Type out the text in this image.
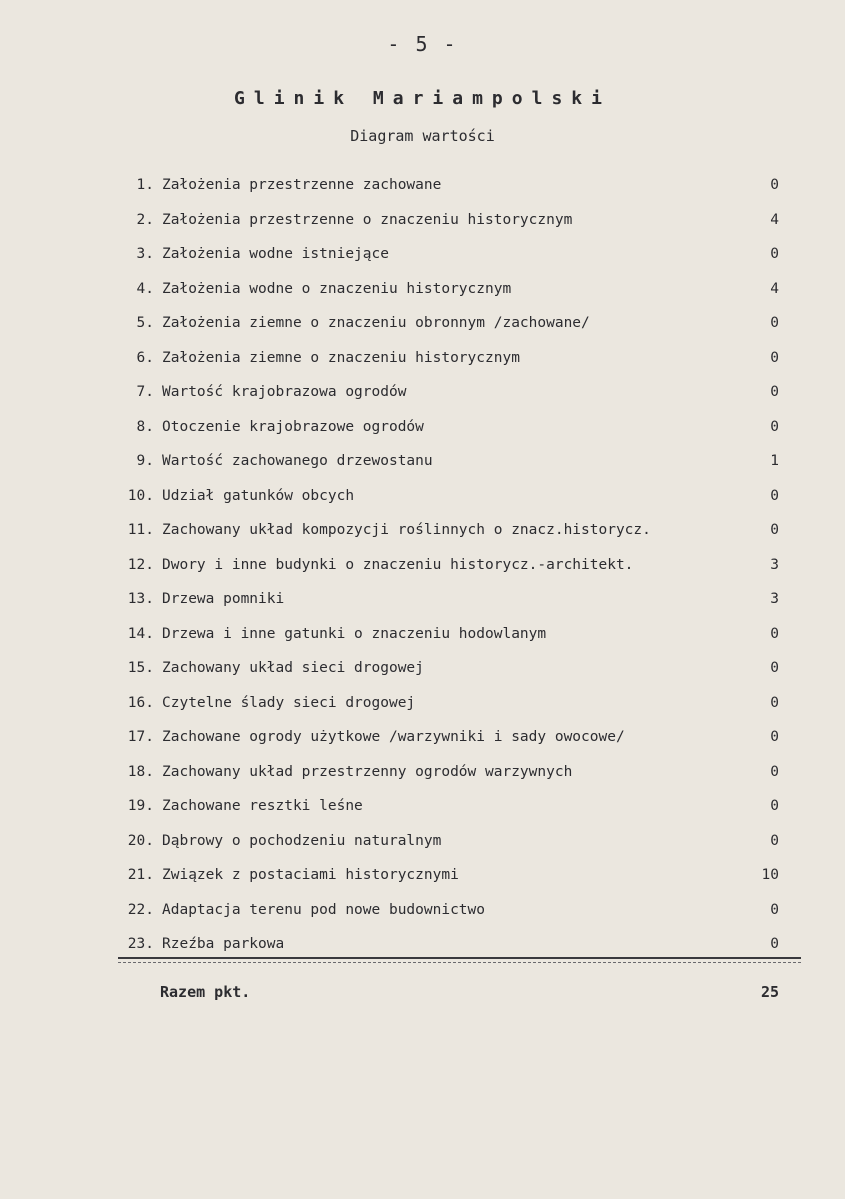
- 5 -
Glinik Mariampolski
Diagram wartości
1. Założenia przestrzenne zachowane	0
2. Założenia przestrzenne o znaczeniu historycznym	4
3. Założenia wodne istniejące	0
4. Założenia wodne o znaczeniu historycznym	4
5. Założenia ziemne o znaczeniu obronnym /zachowane/	0
6. Założenia ziemne o znaczeniu historycznym	0
7. Wartość krajobrazowa ogrodów	0
8. Otoczenie krajobrazowe ogrodów	0
9. Wartość zachowanego drzewostanu	1
10. Udział gatunków obcych	0
11. Zachowany układ kompozycji roślinnych o znacz.historycz.	0
12. Dwory i inne budynki o znaczeniu historycz.-architekt.	3
13. Drzewa pomniki	3
14. Drzewa i inne gatunki o znaczeniu hodowlanym	0
15. Zachowany układ sieci drogowej	0
16. Czytelne ślady sieci drogowej	0
17. Zachowane ogrody użytkowe /warzywniki i sady owocowe/	0
18. Zachowany układ przestrzenny ogrodów warzywnych	0
19. Zachowane resztki leśne	0
20. Dąbrowy o pochodzeniu naturalnym	0
21. Związek z postaciami historycznymi	10
22. Adaptacja terenu pod nowe budownictwo	0
23. Rzeźba parkowa	0
Razem pkt.	25
